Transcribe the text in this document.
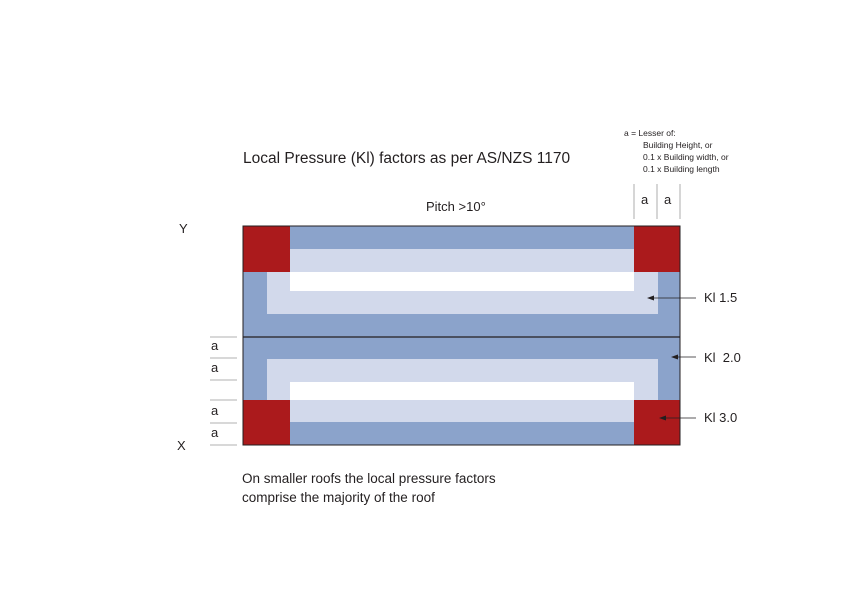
Local Pressure (Kl) factors as per AS/NZS 1170
Pitch >10°
Y
X
a = Lesser of:
Building Height, or
0.1 x Building width, or
0.1 x Building length
a a
a
a
a
a
Kl 1.5
Kl  2.0
Kl 3.0
On smaller roofs the local pressure factors
comprise the majority of the roof
